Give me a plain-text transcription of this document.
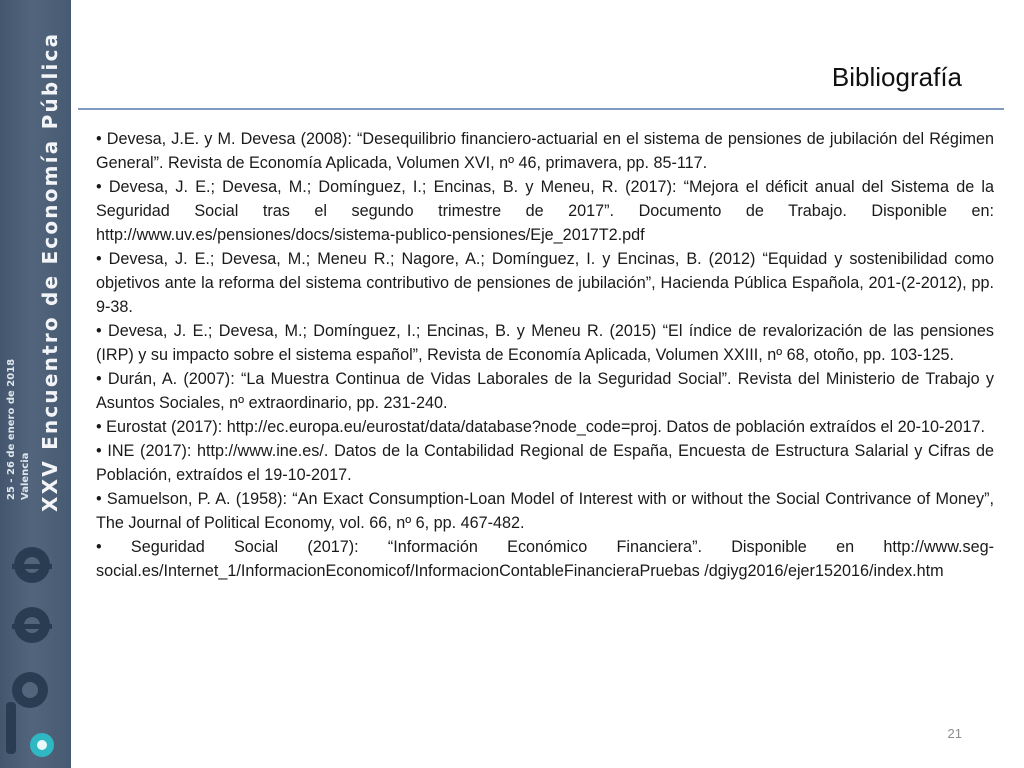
XXV Encuentro de Economía Pública
25 - 26 de enero de 2018 Valencia
Bibliografía

• Devesa, J.E. y M. Devesa (2008): “Desequilibrio financiero-actuarial en el sistema de pensiones de jubilación del Régimen General”. Revista de Economía Aplicada, Volumen XVI, nº 46, primavera, pp. 85-117.

• Devesa, J. E.; Devesa, M.; Domínguez, I.; Encinas, B. y Meneu, R. (2017): “Mejora el déficit anual del Sistema de la Seguridad Social tras el segundo trimestre de 2017”. Documento de Trabajo. Disponible en: http://www.uv.es/pensiones/docs/sistema-publico-pensiones/Eje_2017T2.pdf

• Devesa, J. E.; Devesa, M.; Meneu R.; Nagore, A.; Domínguez, I. y Encinas, B. (2012) “Equidad y sostenibilidad como objetivos ante la reforma del sistema contributivo de pensiones de jubilación”, Hacienda Pública Española, 201-(2-2012), pp. 9-38.

• Devesa, J. E.; Devesa, M.; Domínguez, I.; Encinas, B. y Meneu R. (2015) “El índice de revalorización de las pensiones (IRP) y su impacto sobre el sistema español”, Revista de Economía Aplicada, Volumen XXIII, nº 68, otoño, pp. 103-125.

• Durán, A. (2007): “La Muestra Continua de Vidas Laborales de la Seguridad Social”. Revista del Ministerio de Trabajo y Asuntos Sociales, nº extraordinario, pp. 231-240.

• Eurostat (2017): http://ec.europa.eu/eurostat/data/database?node_code=proj. Datos de población extraídos el 20-10-2017.

• INE (2017): http://www.ine.es/. Datos de la Contabilidad Regional de España, Encuesta de Estructura Salarial y Cifras de Población, extraídos el 19-10-2017.

• Samuelson, P. A. (1958): “An Exact Consumption-Loan Model of Interest with or without the Social Contrivance of Money”, The Journal of Political Economy, vol. 66, nº 6, pp. 467-482.

• Seguridad Social (2017): “Información Económico Financiera”. Disponible en http://www.seg-social.es/Internet_1/InformacionEconomicof/InformacionContableFinancieraPruebas /dgiyg2016/ejer152016/index.htm

21
